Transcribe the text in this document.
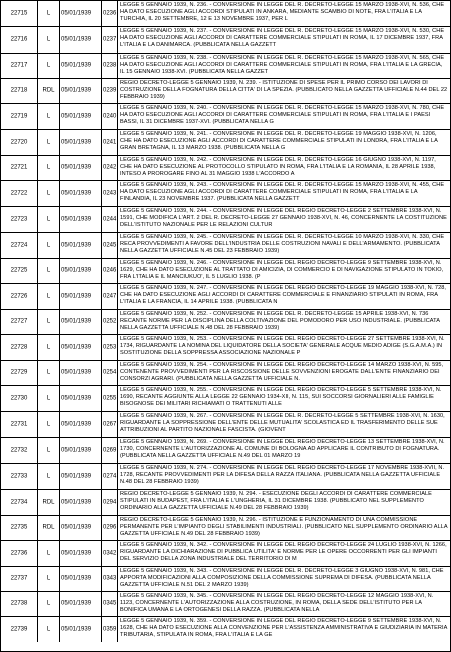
22715	L	05/01/1939	0236
LEGGE 5 GENNAIO 1939, N. 236. - CONVERSIONE IN LEGGE DEL R. DECRETO-LEGGE 15 MARZO 1938-XVI, N. 536, CHE HA DATO ESECUZIONE AGLI ACCORDI STIPULATI IN ANKARA, MEDIANTE SCAMBIO DI NOTE, FRA L'ITALIA E LA TURCHIA, IL 20 SETTEMBRE, 12 E 13 NOVEMBRE 1937, PER L
22716	L	05/01/1939	0237
LEGGE 5 GENNAIO 1939, N. 237. - CONVERSIONE IN LEGGE DEL R. DECRETO-LEGGE 15 MARZO 1938-XVI, N. 530, CHE HA DATO ESECUZIONE AGLI ACCORDI DI CARATTERE COMMERCIALE STIPULATI IN ROMA, IL 17 DICEMBRE 1937, FRA L'ITALIA E LA DANIMARCA. (PUBBLICATA NELLA GAZZETT
22717	L	05/01/1939	0238
LEGGE 5 GENNAIO 1939, N. 238. - CONVERSIONE IN LEGGE DEL R. DECRETO-LEGGE 15 MARZO 1938-XVI, N. 565, CHE HA DATO ESECUZIONE AGLI ACCORDI DI CARATTERE COMMERCIALE STIPULATI IN ROMA, FRA L'ITALIA E LA GRECIA, IL 15 GENNAIO 1938-XVI. (PUBBLICATA NELLA GAZZET
22718	RDL	05/01/1939	0239
REGIO DECRETO-LEGGE 5 GENNAIO 1939, N. 239. - ISTITUZIONE DI SPESE PER IL PRIMO CORSO DEI LAVORI DI COSTRUZIONE DELLA FOGNATURA DELLA CITTA' DI LA SPEZIA. (PUBBLICATO NELLA GAZZETTA UFFICIALE N.44 DEL 22 FEBBRAIO 1939)
22719	L	05/01/1939	0240
LEGGE 5 GENNAIO 1939, N. 240. - CONVERSIONE IN LEGGE DEL R. DECRETO-LEGGE 15 MARZO 1938-XVI, N. 780, CHE HA DATO ESECUZIONE AGLI ACCORDI DI CARATTERE COMMERCIALE STIPULATI IN ROMA, FRA L'ITALIA E I PAESI BASSI, IL 31 DICEMBRE 1937-XVI. (PUBBLICATA NELLA G
22720	L	05/01/1939	0241
LEGGE 5 GENNAIO 1939, N. 241. - CONVERSIONE IN LEGGE DEL R. DECRETO-LEGGE 19 MAGGIO 1938-XVI, N. 1206, CHE HA DATO ESECUZIONE AGLI ACCORDI DI CARATTERE COMMERCIALE STIPULATI IN LONDRA, FRA L'ITALIA E LA GRAN BRETAGNA, IL 13 MARZO 1938. (PUBBLICATA NELLA G
22721	L	05/01/1939	0242
LEGGE 5 GENNAIO 1939, N. 242. - CONVERSIONE IN LEGGE DEL R. DECRETO-LEGGE 16 GIUGNO 1938-XVI, N. 1197, CHE HA DATO ESECUZIONE AL PROTOCOLLO STIPULATO IN ROMA, FRA L'ITALIA E LA ROMANIA, IL 28 APRILE 1938, INTESO A PROROGARE FINO AL 31 MAGGIO 1938 L'ACCORDO A
22722	L	05/01/1939	0243
LEGGE 5 GENNAIO 1939, N. 243. - CONVERSIONE IN LEGGE DEL R. DECRETO-LEGGE 15 MARZO 1938-XVI, N. 455, CHE HA DATO ESECUZIONE AGLI ACCORDI DI CARATTERE COMMERCIALE STIPULATI IN ROMA, FRA L'ITALIA E LA FINLANDIA, IL 23 NOVEMBRE 1937. (PUBBLICATA NELLA GAZZETT
22723	L	05/01/1939	0244
LEGGE 5 GENNAIO 1939, N. 244. - CONVERSIONE IN LEGGE DEL REGIO DECRETO-LEGGE 2 SETTEMBRE 1938-XVI, N. 1591, CHE MODIFICA L'ART. 2 DEL R. DECRETO-LEGGE 27 GENNAIO 1938-XVI, N. 46, CONCERNENTE LA COSTITUZIONE DELL'ISTITUTO NAZIONALE PER LE RELAZIONI CULTUR
22724	L	05/01/1939	0245
LEGGE 5 GENNAIO 1939, N. 245. - CONVERSIONE IN LEGGE DEL R. DECRETO-LEGGE 10 MARZO 1938-XVI, N. 330, CHE RECA PROVVEDIMENTI A FAVORE DELL'INDUSTRIA DELLE COSTRUZIONI NAVALI E DELL'ARMAMENTO. (PUBBLICATA NELLA GAZZETTA UFFICIALE N.45 DEL 23 FEBBRAIO 1939)
22725	L	05/01/1939	0246
LEGGE 5 GENNAIO 1939, N. 246. - CONVERSIONE IN LEGGE DEL REGIO DECRETO-LEGGE 9 SETTEMBRE 1938-XVI, N. 1629, CHE HA DATO ESECUZIONE AL TRATTATO DI AMICIZIA, DI COMMERCIO E DI NAVIGAZIONE STIPULATO IN TOKIO, FRA L'ITALIA E IL MANCIUKUO', IL 5 LUGLIO 1938. (P
22726	L	05/01/1939	0247
LEGGE 5 GENNAIO 1939, N. 247. - CONVERSIONE IN LEGGE DEL REGIO DECRETO-LEGGE 19 MAGGIO 1938-XVI, N. 728, CHE HA DATO ESECUZIONE AGLI ACCORDI DI CARATTERE COMMERCIALE E FINANZIARIO STIPULATI IN ROMA, FRA L'ITALIA E LA FRANCIA, IL 14 APRILE 1938. (PUBBLICATA N
22727	L	05/01/1939	0252
LEGGE 5 GENNAIO 1939, N. 252. - CONVERSIONE IN LEGGE DEL R. DECRETO-LEGGE 15 APRILE 1938-XVI, N. 736 RECANTE NORME PER LA DISCIPLINA DELLA COLTIVAZIONE DEL POMODORO PER USO INDUSTRIALE. (PUBBLICATA NELLA GAZZETTA UFFICIALE N.48 DEL 28 FEBBRAIO 1939)
22728	L	05/01/1939	0253
LEGGE 5 GENNAIO 1939, N. 253. - CONVERSIONE IN LEGGE DEL REGIO DECRETO-LEGGE 27 SETTEMBRE 1938-XVI, N. 1734, RIGUARDANTE LA NOMINA DEL LIQUIDATORE DELLA SOCIETA' GENERALE ACQUE MEDIO ADIGE (S.G.A.M.A.) IN SOSTITUZIONE DELLA SOPPRESSA ASSOCIAZIONE NAZIONALE P
22729	L	05/01/1939	0254
LEGGE 5 GENNAIO 1939, N. 254. - CONVERSIONE IN LEGGE DEL REGIO DECRETO-LEGGE 14 MARZO 1938-XVI, N. 595, CONTENENTE PROVVEDIMENTI PER LA RISCOSSIONE DELLE SOVVENZIONI EROGATE DALL'ENTE FINANZIARIO DEI CONSORZI AGRARI. (PUBBLICATA NELLA GAZZETTA UFFICIALE N.
22730	L	05/01/1939	0255
LEGGE 5 GENNAIO 1939, N. 255. - CONVERSIONE IN LEGGE DEL REGIO DECRETO-LEGGE 5 SETTEMBRE 1938-XVI, N. 1690, RECANTE AGGIUNTE ALLA LEGGE 22 GENNAIO 1934-XII, N. 115, SUI SOCCORSI GIORNALIERI ALLE FAMIGLIE BISOGNOSE DEI MILITARI RICHIAMATI O TRATTENUTI ALLE
22731	L	05/01/1939	0267
LEGGE 5 GENNAIO 1939, N. 267. - CONVERSIONE IN LEGGE DEL R. DECRETO-LEGGE 5 SETTEMBRE 1938-XVI, N. 1630, RIGUARDANTE LA SOPPRESSIONE DELL'ENTE DELLE MUTUALITA' SCOLASTICA ED IL TRASFERIMENTO DELLE SUE ATTRIBUZIONI AL PARTITO NAZIONALE FASCISTA. (GIOVENT
22732	L	05/01/1939	0269
LEGGE 5 GENNAIO 1939, N. 269. - CONVERSIONE IN LEGGE DEL REGIO DECRETO-LEGGE 13 SETTEMBRE 1938-XVI, N. 1730, CONCERNENTE L'AUTORIZZAZIONE AL COMUNE DI BOLOGNA AD APPLICARE IL CONTRIBUTO DI FOGNATURA. (PUBBLICATA NELLA GAZZETTA UFFICIALE N.49 DEL 01 MARZO 19
22733	L	05/01/1939	0274
LEGGE 5 GENNAIO 1939, N. 274. - CONVERSIONE IN LEGGE DEL REGIO DECRETO-LEGGE 17 NOVEMBRE 1938-XVII, N. 1728, RECANTE PROVVEDIMENTI PER LA DIFESA DELLA RAZZA ITALIANA. (PUBBLICATA NELLA GAZZETTA UFFICIALE N.48 DEL 28 FEBBRAIO 1939)
22734	RDL	05/01/1939	0294
REGIO DECRETO-LEGGE 5 GENNAIO 1939, N. 294. - ESECUZIONE DEGLI ACCORDI DI CARATTERE COMMERCIALE STIPULATI IN BUDAPEST, FRA L'ITALIA E L'UNGHERIA, IL 31 DICEMBRE 1938. (PUBBLICATO NEL SUPPLEMENTO ORDINARIO ALLA GAZZETTA UFFICIALE N.49 DEL 28 FEBBRAIO 1939)
22735	RDL	05/01/1939	0296
REGIO DECRETO-LEGGE 5 GENNAIO 1939, N. 296. - ISTITUZIONE E FUNZIONAMENTO DI UNA COMMISSIONE PERMANENTE PER L'IMPIANTO DEGLI STABILIMENTI INDUSTRIALI. (PUBBLICATO NEL SUPPLEMENTO ORDINARIO ALLA GAZZETTA UFFICIALE N.49 DEL 28 FEBBRAIO 1939)
22736	L	05/01/1939	0342
LEGGE 5 GENNAIO 1939, N. 342. - CONVERSIONE IN LEGGE DEL REGIO DECRETO-LEGGE 24 LUGLIO 1938-XVI, N. 1266, RIGUARDANTE LA DICHIARAZIONE DI PUBBLICA UTILITA' E NORME PER LE OPERE OCCORRENTI PER GLI IMPIANTI DEL SERVIZIO DELLA ZONA INDUSTRIALE DEL TERRITORIO DI M
22737	L	05/01/1939	0343
LEGGE 5 GENNAIO 1939, N. 343. - CONVERSIONE IN LEGGE DEL R. DECRETO-LEGGE 3 GIUGNO 1938-XVI, N. 981, CHE APPORTA MODIFICAZIONI ALLA COMPOSIZIONE DELLA COMMISSIONE SUPREMA DI DIFESA. (PUBBLICATA NELLA GAZZETTA UFFICIALE N.51 DEL 2 MARZO 1939)
22738	L	05/01/1939	0345
LEGGE 5 GENNAIO 1939, N. 345. - CONVERSIONE IN LEGGE DEL REGIO DECRETO-LEGGE 12 MAGGIO 1938-XVI, N. 1123, CONCERNENTE L'AUTORIZZAZIONE ALLA COSTRUZIONE, IN ROMA, DELLA SEDE DELL'ISTITUTO PER LA BONIFICA UMANA E LA ORTOGENESI DELLA RAZZA. (PUBBLICATA NELLA
22739	L	05/01/1939	0359
LEGGE 5 GENNAIO 1939, N. 359. - CONVERSIONE IN LEGGE DEL REGIO DECRETO-LEGGE 9 SETTEMBRE 1938-XVI, N. 1628, CHE HA DATO ESECUZIONE ALLA CONVENZIONE PER L'ASSISTENZA AMMINISTRATIVA E GIUDIZIARIA IN MATERIA TRIBUTARIA, STIPULATA IN ROMA, FRA L'ITALIA E LA GE
